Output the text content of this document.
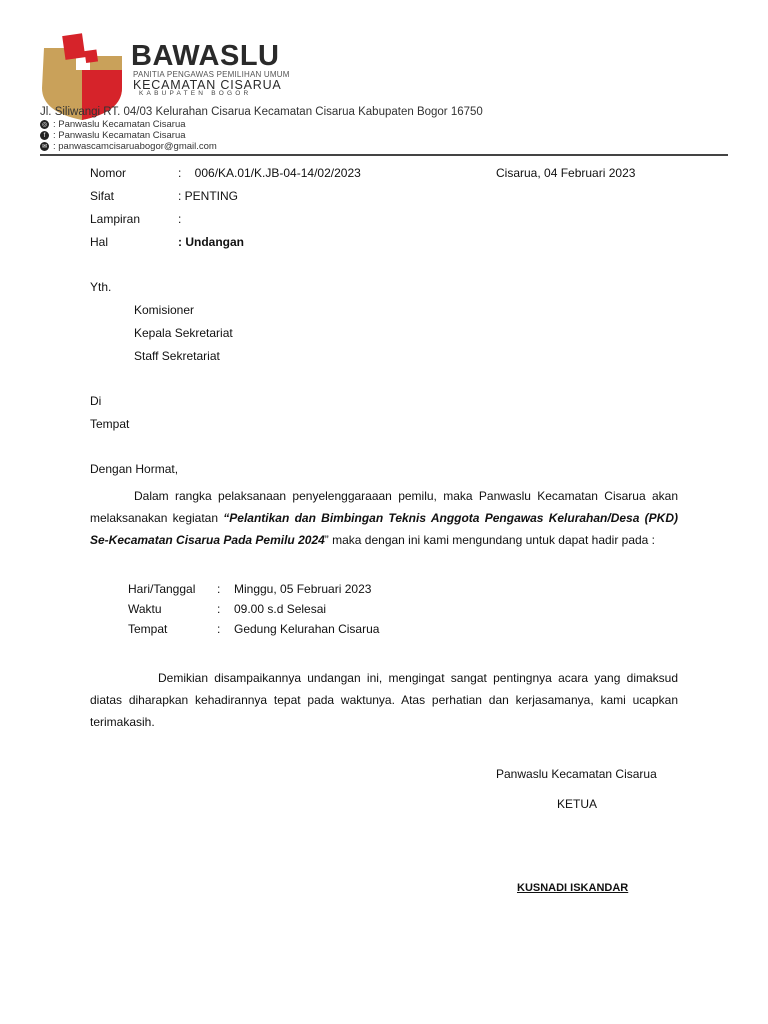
BAWASLU
PANITIA PENGAWAS PEMILIHAN UMUM
KECAMATAN CISARUA
KABUPATEN BOGOR
Jl. Siliwangi RT. 04/03 Kelurahan Cisarua Kecamatan Cisarua Kabupaten Bogor 16750
◎ : Panwaslu Kecamatan Cisarua
f : Panwaslu Kecamatan Cisarua
✉ : panwascamcisaruabogor@gmail.com
Nomor	:    006/KA.01/K.JB-04-14/02/2023	Cisarua, 04 Februari 2023
Sifat	: PENTING
Lampiran	:
Hal	: Undangan
Yth.
Komisioner
Kepala Sekretariat
Staff Sekretariat
Di
Tempat
Dengan Hormat,
Dalam rangka pelaksanaan penyelenggaraaan pemilu, maka Panwaslu Kecamatan Cisarua akan melaksanakan kegiatan “Pelantikan dan Bimbingan Teknis Anggota Pengawas Kelurahan/Desa (PKD) Se-Kecamatan Cisarua Pada Pemilu 2024” maka dengan ini kami mengundang untuk dapat hadir pada :
Hari/Tanggal : Minggu, 05 Februari 2023
Waktu	: 09.00 s.d Selesai
Tempat	: Gedung Kelurahan Cisarua
Demikian disampaikannya undangan ini, mengingat sangat pentingnya acara yang dimaksud diatas diharapkan kehadirannya tepat pada waktunya. Atas perhatian dan kerjasamanya, kami ucapkan terimakasih.
Panwaslu Kecamatan Cisarua
KETUA
KUSNADI ISKANDAR
